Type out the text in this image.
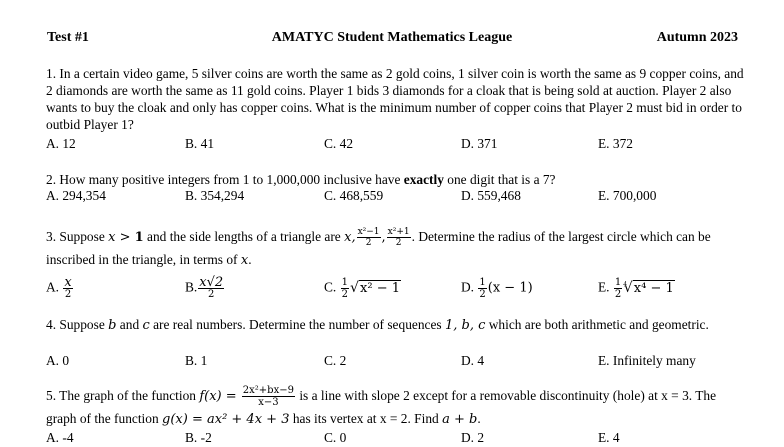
Test #1	AMATYC Student Mathematics League	Autumn 2023
1. In a certain video game, 5 silver coins are worth the same as 2 gold coins, 1 silver coin is worth the same as 9 copper coins, and 2 diamonds are worth the same as 11 gold coins. Player 1 bids 3 diamonds for a cloak that is being sold at auction. Player 2 also wants to buy the cloak and only has copper coins. What is the minimum number of copper coins that Player 2 must bid in order to outbid Player 1?
A. 12	B. 41	C. 42	D. 371	E. 372
2. How many positive integers from 1 to 1,000,000 inclusive have exactly one digit that is a 7?
A. 294,354	B. 354,294	C. 468,559	D. 559,468	E. 700,000
3. Suppose x > 1 and the side lengths of a triangle are x, $\frac{\text{x²−1}}{2}$ , $\frac{\text{x²+1}}{2}$ . Determine the radius of the largest circle which can be inscribed in the triangle, in terms of x.
A. $\frac{x}{2}$	B. $\frac{x√2}{2}$	C. $\frac{1}{2}$
√ x² − 1	D. $\frac{1}{2} (x - 1)$	E. $\frac{1}{2} ^4√$ x⁴ − 1
4. Suppose b and c are real numbers. Determine the number of sequences 1, b, c which are both arithmetic and geometric.
A. 0	B. 1	C. 2	D. 4	E. Infinitely many
5. The graph of the function $f(x) = \frac{\text{2x²+bx−9}}{x-3}$ is a line with slope 2 except for a removable discontinuity (hole) at x = 3. The graph of the function g(x) = ax² + 4x + 3 has its vertex at x = 2. Find a + b.
A. -4	B. -2	C. 0	D. 2	E. 4
